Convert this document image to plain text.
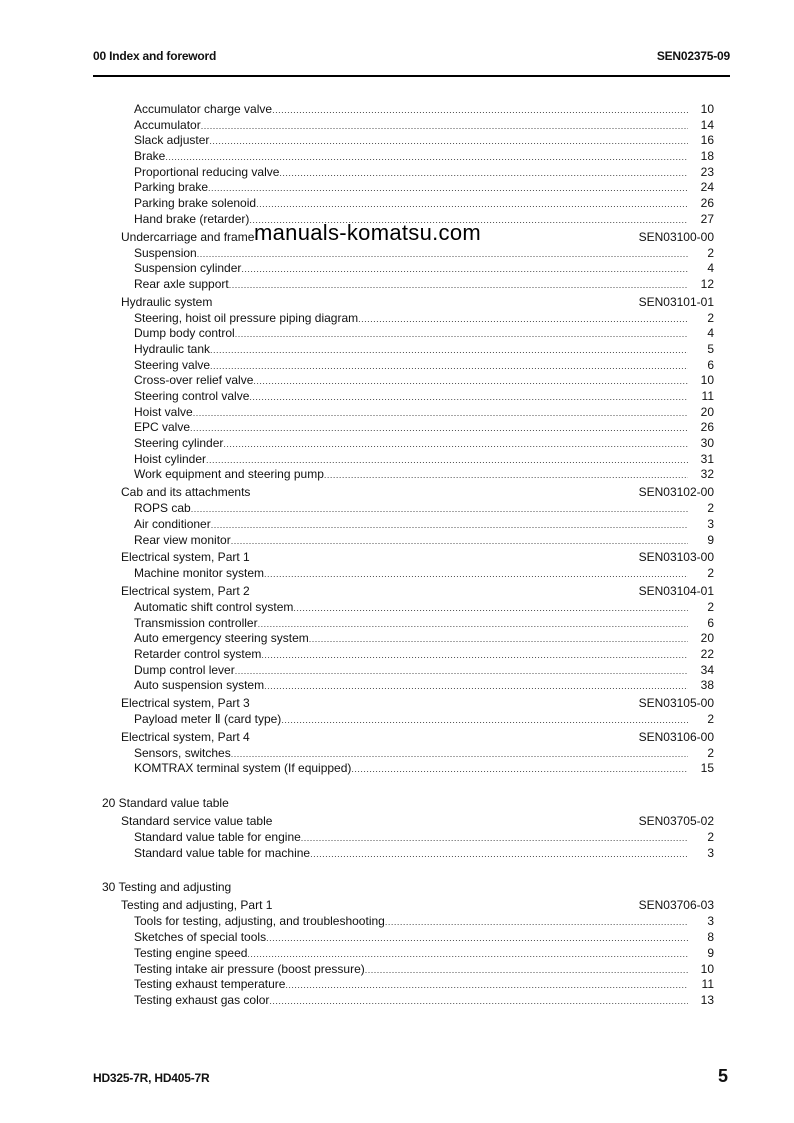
00 Index and foreword	SEN02375-09
Accumulator charge valve .....	10
Accumulator .....	14
Slack adjuster .....	16
Brake .....	18
Proportional reducing valve .....	23
Parking brake .....	24
Parking brake solenoid .....	26
Hand brake (retarder) .....	27
Undercarriage and frame	SEN03100-00
Suspension .....	2
Suspension cylinder .....	4
Rear axle support .....	12
Hydraulic system	SEN03101-01
Steering, hoist oil pressure piping diagram .....	2
Dump body control .....	4
Hydraulic tank .....	5
Steering valve .....	6
Cross-over relief valve .....	10
Steering control valve .....	11
Hoist valve .....	20
EPC valve .....	26
Steering cylinder .....	30
Hoist cylinder .....	31
Work equipment and steering pump .....	32
Cab and its attachments	SEN03102-00
ROPS cab .....	2
Air conditioner .....	3
Rear view monitor .....	9
Electrical system, Part 1	SEN03103-00
Machine monitor system .....	2
Electrical system, Part 2	SEN03104-01
Automatic shift control system .....	2
Transmission controller .....	6
Auto emergency steering system .....	20
Retarder control system .....	22
Dump control lever .....	34
Auto suspension system .....	38
Electrical system, Part 3	SEN03105-00
Payload meter Ⅱ (card type) .....	2
Electrical system, Part 4	SEN03106-00
Sensors, switches .....	2
KOMTRAX terminal system (If equipped) .....	15
20 Standard value table
Standard service value table	SEN03705-02
Standard value table for engine .....	2
Standard value table for machine .....	3
30 Testing and adjusting
Testing and adjusting, Part 1	SEN03706-03
Tools for testing, adjusting, and troubleshooting .....	3
Sketches of special tools .....	8
Testing engine speed .....	9
Testing intake air pressure (boost pressure) .....	10
Testing exhaust temperature .....	11
Testing exhaust gas color .....	13
manuals-komatsu.com
HD325-7R, HD405-7R	5
